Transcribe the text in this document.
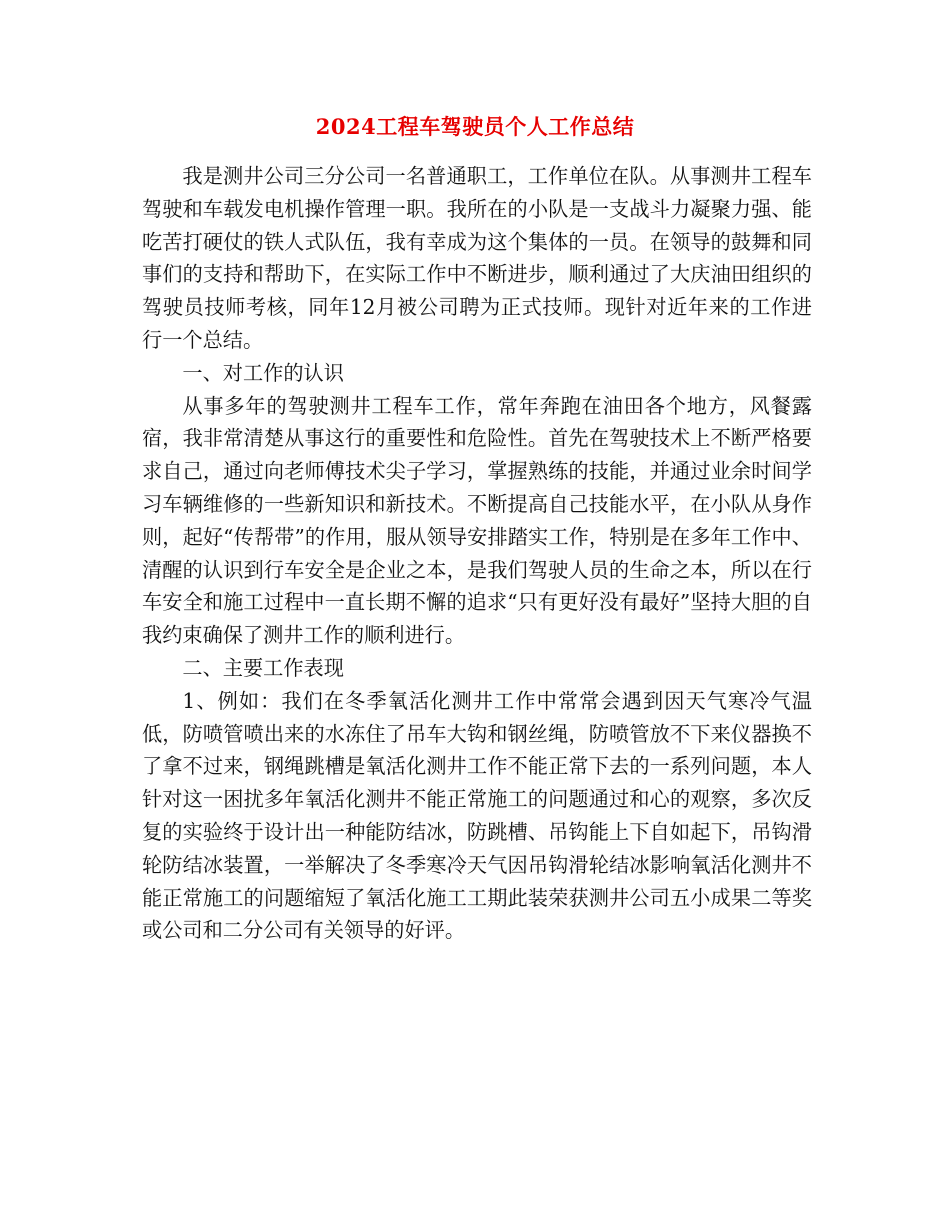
2024工程车驾驶员个人工作总结

我是测井公司三分公司一名普通职工，工作单位在队。从事测井工程车驾驶和车载发电机操作管理一职。我所在的小队是一支战斗力凝聚力强、能吃苦打硬仗的铁人式队伍，我有幸成为这个集体的一员。在领导的鼓舞和同事们的支持和帮助下，在实际工作中不断进步，顺利通过了大庆油田组织的驾驶员技师考核，同年12月被公司聘为正式技师。现针对近年来的工作进行一个总结。

一、对工作的认识

从事多年的驾驶测井工程车工作，常年奔跑在油田各个地方，风餐露宿，我非常清楚从事这行的重要性和危险性。首先在驾驶技术上不断严格要求自己，通过向老师傅技术尖子学习，掌握熟练的技能，并通过业余时间学习车辆维修的一些新知识和新技术。不断提高自己技能水平，在小队从身作则，起好“传帮带”的作用，服从领导安排踏实工作，特别是在多年工作中、清醒的认识到行车安全是企业之本，是我们驾驶人员的生命之本，所以在行车安全和施工过程中一直长期不懈的追求“只有更好没有最好”坚持大胆的自我约束确保了测井工作的顺利进行。

二、主要工作表现

1、例如：我们在冬季氧活化测井工作中常常会遇到因天气寒冷气温低，防喷管喷出来的水冻住了吊车大钩和钢丝绳，防喷管放不下来仪器换不了拿不过来，钢绳跳槽是氧活化测井工作不能正常下去的一系列问题，本人针对这一困扰多年氧活化测井不能正常施工的问题通过和心的观察，多次反复的实验终于设计出一种能防结冰，防跳槽、吊钩能上下自如起下，吊钩滑轮防结冰装置，一举解决了冬季寒冷天气因吊钩滑轮结冰影响氧活化测井不能正常施工的问题缩短了氧活化施工工期此装荣获测井公司五小成果二等奖或公司和二分公司有关领导的好评。
